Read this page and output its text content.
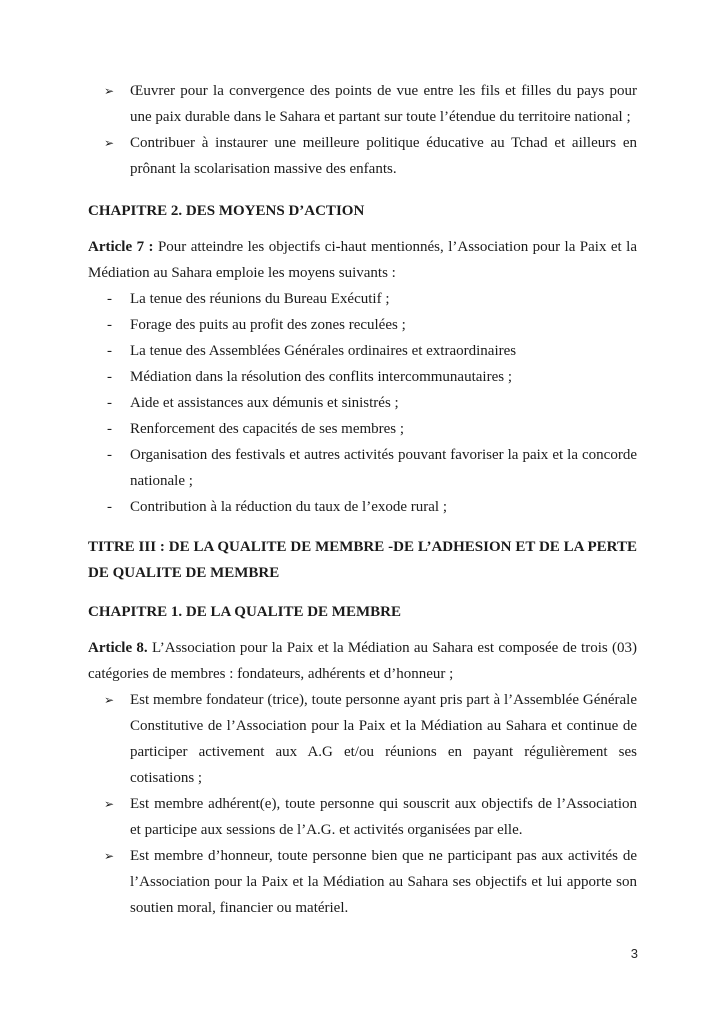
➢ Œuvrer pour la convergence des points de vue entre les fils et filles du pays pour une paix durable dans le Sahara et partant sur toute l’étendue du territoire national ;
➢ Contribuer à instaurer une meilleure politique éducative au Tchad et ailleurs en prônant la scolarisation massive des enfants.
CHAPITRE 2. DES MOYENS D’ACTION

Article 7 : Pour atteindre les objectifs ci-haut mentionnés, l’Association pour la Paix et la Médiation au Sahara emploie les moyens suivants :

- La tenue des réunions du Bureau Exécutif ;
- Forage des puits au profit des zones reculées ;
- La tenue des Assemblées Générales ordinaires et extraordinaires
- Médiation dans la résolution des conflits intercommunautaires ;
- Aide et assistances aux démunis et sinistrés ;
- Renforcement des capacités de ses membres ;
- Organisation des festivals et autres activités pouvant favoriser la paix et la concorde nationale ;
- Contribution à la réduction du taux de l’exode rural ;
TITRE III : DE LA QUALITE DE MEMBRE -DE L’ADHESION ET DE LA PERTE DE QUALITE DE MEMBRE
CHAPITRE 1. DE LA QUALITE DE MEMBRE

Article 8. L’Association pour la Paix et la Médiation au Sahara est composée de trois (03) catégories de membres : fondateurs, adhérents et d’honneur ;

➢ Est membre fondateur (trice), toute personne ayant pris part à l’Assemblée Générale Constitutive de l’Association pour la Paix et la Médiation au Sahara et continue de participer activement aux A.G et/ou réunions en payant régulièrement ses cotisations ;
➢ Est membre adhérent(e), toute personne qui souscrit aux objectifs de l’Association et participe aux sessions de l’A.G. et activités organisées par elle.
➢ Est membre d’honneur, toute personne bien que ne participant pas aux activités de l’Association pour la Paix et la Médiation au Sahara ses objectifs et lui apporte son soutien moral, financier ou matériel.
3
